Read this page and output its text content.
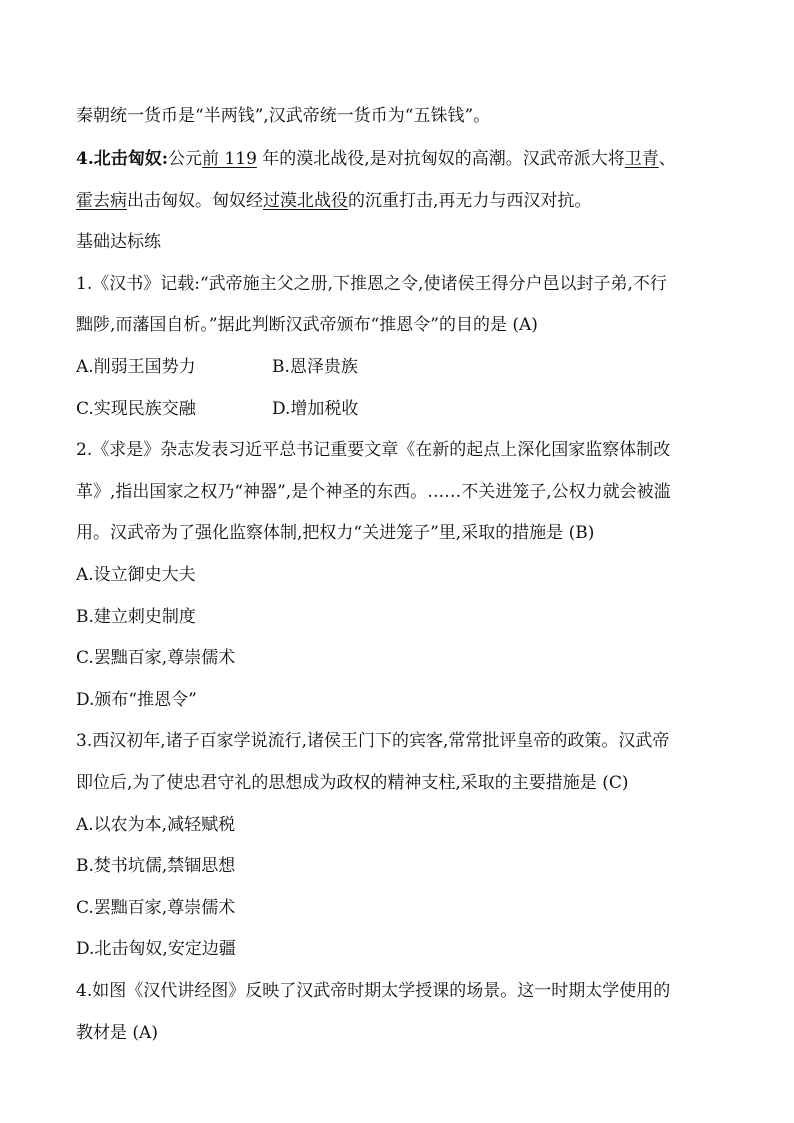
秦朝统一货币是“半两钱”,汉武帝统一货币为“五铢钱”。
4.北击匈奴:公元前 119 年的漠北战役,是对抗匈奴的高潮。汉武帝派大将卫青、
霍去病出击匈奴。匈奴经过漠北战役的沉重打击,再无力与西汉对抗。
基础达标练
1.《汉书》记载:“武帝施主父之册,下推恩之令,使诸侯王得分户邑以封子弟,不行
黜陟,而藩国自析。”据此判断汉武帝颁布“推恩令”的目的是 (A)
A.削弱王国势力	B.恩泽贵族
C.实现民族交融	D.增加税收
2.《求是》杂志发表习近平总书记重要文章《在新的起点上深化国家监察体制改
革》,指出国家之权乃“神器”,是个神圣的东西。……不关进笼子,公权力就会被滥
用。汉武帝为了强化监察体制,把权力“关进笼子”里,采取的措施是 (B)
A.设立御史大夫
B.建立刺史制度
C.罢黜百家,尊崇儒术
D.颁布“推恩令”
3.西汉初年,诸子百家学说流行,诸侯王门下的宾客,常常批评皇帝的政策。汉武帝
即位后,为了使忠君守礼的思想成为政权的精神支柱,采取的主要措施是 (C)
A.以农为本,减轻赋税
B.焚书坑儒,禁锢思想
C.罢黜百家,尊崇儒术
D.北击匈奴,安定边疆
4.如图《汉代讲经图》反映了汉武帝时期太学授课的场景。这一时期太学使用的
教材是 (A)
